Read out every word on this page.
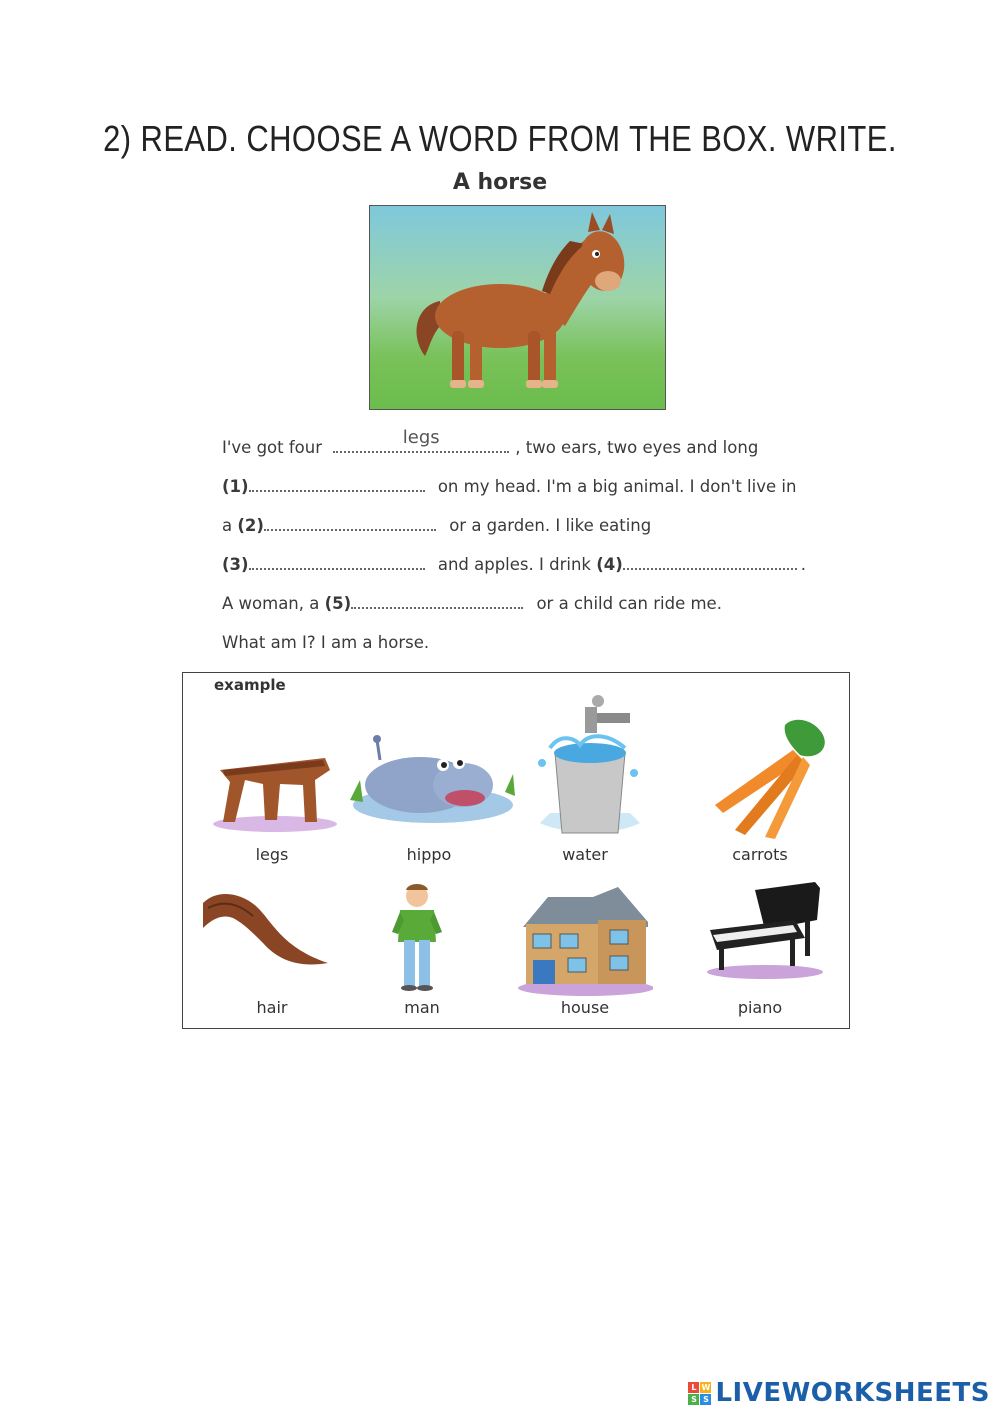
2) READ. CHOOSE A WORD FROM THE BOX. WRITE.
A horse
I've got four	legs	, two ears, two eyes and long
(1)	on my head. I'm a big animal. I don't live in
a (2)	or a garden. I like eating
(3)	and apples. I drink (4)	.
A woman, a (5)	or a child can ride me.
What am I? I am a horse.
example
legs	hippo	water	carrots
hair	man	house	piano
L W
S S LIVEWORKSHEETS
